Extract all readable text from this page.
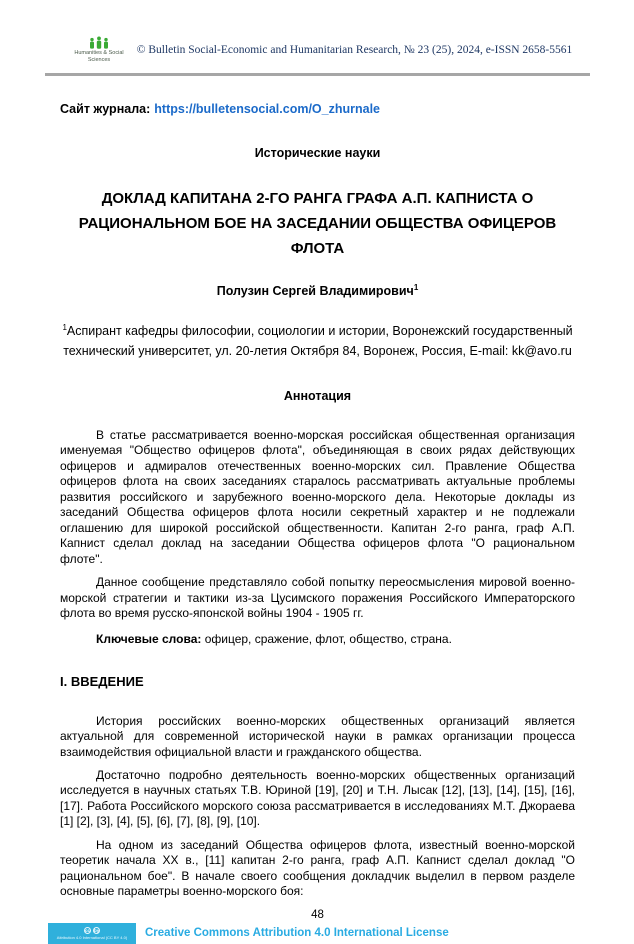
Humanities & Social Sciences
© Bulletin Social-Economic and Humanitarian Research, № 23 (25), 2024, e-ISSN 2658-5561
Сайт журнала: https://bulletensocial.com/O_zhurnale
Исторические науки
ДОКЛАД КАПИТАНА 2-ГО РАНГА ГРАФА А.П. КАПНИСТА О РАЦИОНАЛЬНОМ БОЕ НА ЗАСЕДАНИИ ОБЩЕСТВА ОФИЦЕРОВ ФЛОТА
Полузин Сергей Владимирович$^1$
$^1$Аспирант кафедры философии, социологии и истории, Воронежский государственный технический университет, ул. 20-летия Октября 84, Воронеж, Россия, E-mail: kk@avo.ru
Аннотация

В статье рассматривается военно-морская российская общественная организация именуемая "Общество офицеров флота", объединяющая в своих рядах действующих офицеров и адмиралов отечественных военно-морских сил. Правление Общества офицеров флота на своих заседаниях старалось рассматривать актуальные проблемы развития российского и зарубежного военно-морского дела. Некоторые доклады из заседаний Общества офицеров флота носили секретный характер и не подлежали оглашению для широкой российской общественности. Капитан 2-го ранга, граф А.П. Капнист сделал доклад на заседании Общества офицеров флота "О рациональном флоте".

Данное сообщение представляло собой попытку переосмысления мировой военно-морской стратегии и тактики из-за Цусимского поражения Российского Императорского флота во время русско-японской войны 1904 - 1905 гг.

Ключевые слова: офицер, сражение, флот, общество, страна.

I. ВВЕДЕНИЕ

История российских военно-морских общественных организаций является актуальной для современной исторической науки в рамках организации процесса взаимодействия официальной власти и гражданского общества.

Достаточно подробно деятельность военно-морских общественных организаций исследуется в научных статьях Т.В. Юриной [19], [20] и Т.Н. Лысак [12], [13], [14], [15], [16], [17]. Работа Российского морского союза рассматривается в исследованиях М.Т. Джораева [1] [2], [3], [4], [5], [6], [7], [8], [9], [10].

На одном из заседаний Общества офицеров флота, известный военно-морской теоретик начала XX в., [11] капитан 2-го ранга, граф А.П. Капнист сделал доклад "О рациональном бое". В начале своего сообщения докладчик выделил в первом разделе основные параметры военно-морского боя:

48
cc by
Attribution 4.0 International (CC BY 4.0) Creative Commons Attribution 4.0 International License
